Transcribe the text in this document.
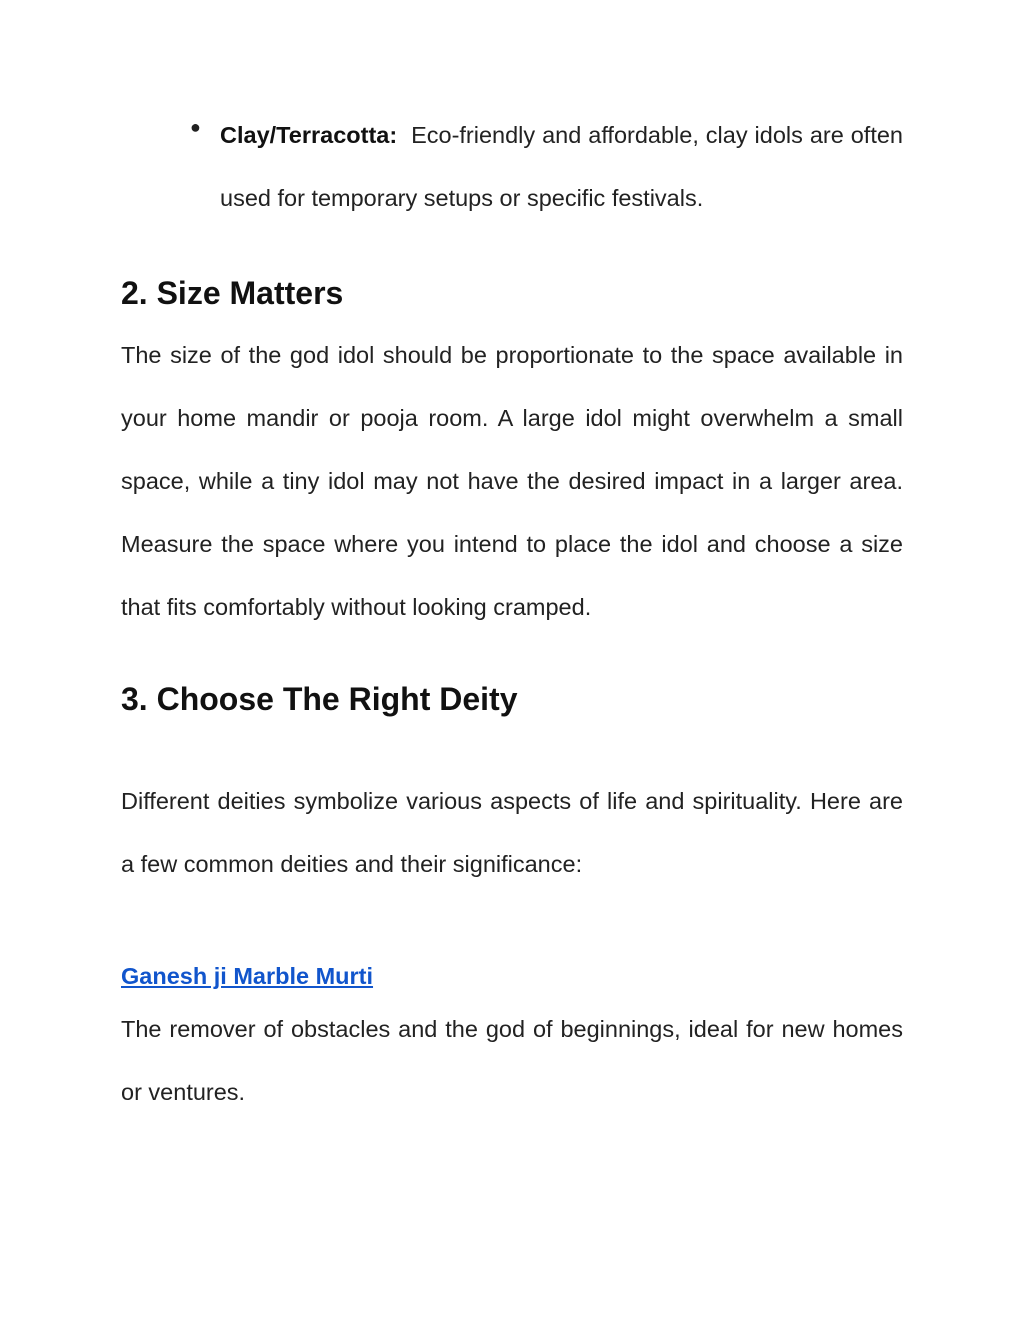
● Clay/Terracotta: Eco-friendly and affordable, clay idols are often used for temporary setups or specific festivals.
2. Size Matters

The size of the god idol should be proportionate to the space available in your home mandir or pooja room. A large idol might overwhelm a small space, while a tiny idol may not have the desired impact in a larger area. Measure the space where you intend to place the idol and choose a size that fits comfortably without looking cramped.

3. Choose The Right Deity

Different deities symbolize various aspects of life and spirituality. Here are a few common deities and their significance:

Ganesh ji Marble Murti

The remover of obstacles and the god of beginnings, ideal for new homes or ventures.
